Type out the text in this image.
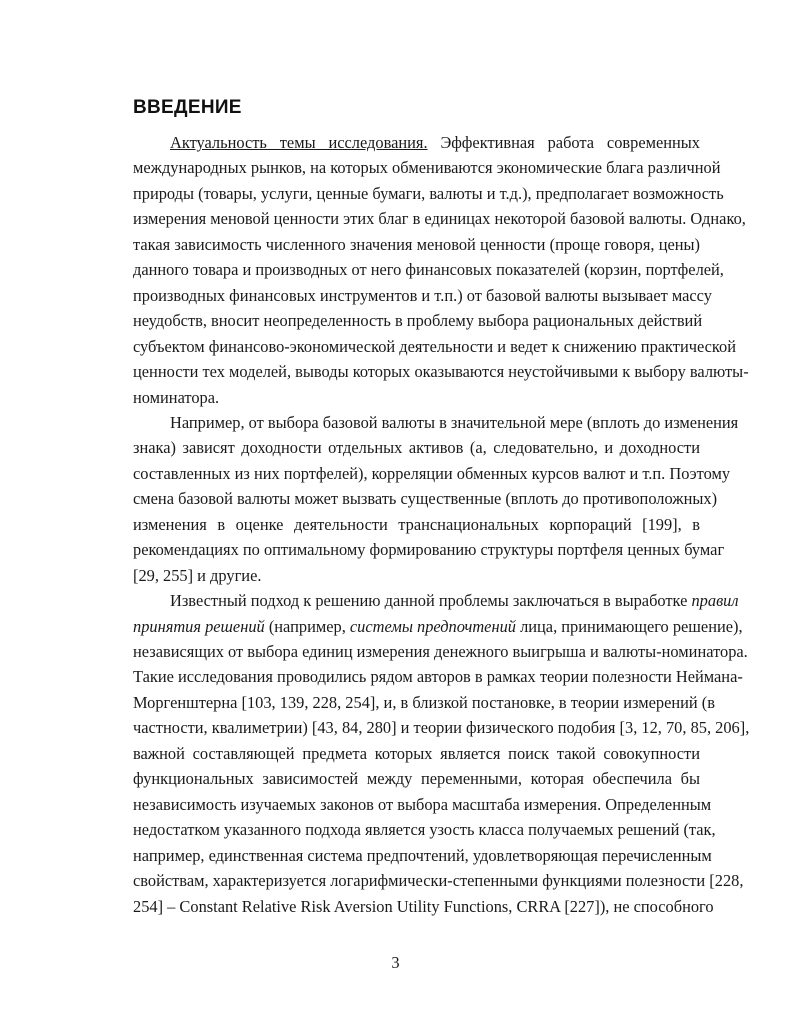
ВВЕДЕНИЕ
Актуальность темы исследования. Эффективная работа современных
международных рынков, на которых обмениваются экономические блага различной
природы (товары, услуги, ценные бумаги, валюты и т.д.), предполагает возможность
измерения меновой ценности этих благ в единицах некоторой базовой валюты. Однако,
такая зависимость численного значения меновой ценности (проще говоря, цены)
данного товара и производных от него финансовых показателей (корзин, портфелей,
производных финансовых инструментов и т.п.) от базовой валюты вызывает массу
неудобств, вносит неопределенность в проблему выбора рациональных действий
субъектом финансово-экономической деятельности и ведет к снижению практической
ценности тех моделей, выводы которых оказываются неустойчивыми к выбору валюты-
номинатора.
Например, от выбора базовой валюты в значительной мере (вплоть до изменения
знака) зависят доходности отдельных активов (а, следовательно, и доходности
составленных из них портфелей), корреляции обменных курсов валют и т.п. Поэтому
смена базовой валюты может вызвать существенные (вплоть до противоположных)
изменения в оценке деятельности транснациональных корпораций [199], в
рекомендациях по оптимальному формированию структуры портфеля ценных бумаг
[29, 255] и другие.
Известный подход к решению данной проблемы заключаться в выработке правил
принятия решений (например, системы предпочтений лица, принимающего решение),
независящих от выбора единиц измерения денежного выигрыша и валюты-номинатора.
Такие исследования проводились рядом авторов в рамках теории полезности Неймана-
Моргенштерна [103, 139, 228, 254], и, в близкой постановке, в теории измерений (в
частности, квалиметрии) [43, 84, 280] и теории физического подобия [3, 12, 70, 85, 206],
важной составляющей предмета которых является поиск такой совокупности
функциональных зависимостей между переменными, которая обеспечила бы
независимость изучаемых законов от выбора масштаба измерения. Определенным
недостатком указанного подхода является узость класса получаемых решений (так,
например, единственная система предпочтений, удовлетворяющая перечисленным
свойствам, характеризуется логарифмически-степенными функциями полезности [228,
254] – Constant Relative Risk Aversion Utility Functions, CRRA [227]), не способного
3
